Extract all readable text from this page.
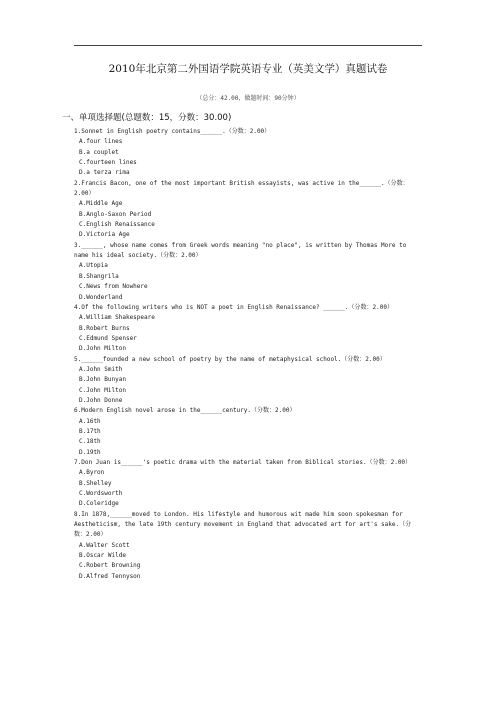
2010年北京第二外国语学院英语专业（英美文学）真题试卷
（总分：42.00，做题时间：90分钟）
一、单项选择题(总题数：15，分数：30.00)
1.Sonnet in English poetry contains______.（分数：2.00）
A.four lines
B.a couplet
C.fourteen lines
D.a terza rima
2.Francis Bacon, one of the most important British essayists, was active in the______.（分数：
2.00）
A.Middle Age
B.Anglo-Saxon Period
C.English Renaissance
D.Victoria Age
3.______, whose name comes from Greek words meaning "no place", is written by Thomas More to
name his ideal society.（分数：2.00）
A.Utopia
B.Shangrila
C.News from Nowhere
D.Wonderland
4.Of the following writers who is NOT a poet in English Renaissance? ______.（分数：2.00）
A.William Shakespeare
B.Robert Burns
C.Edmund Spenser
D.John Milton
5.______founded a new school of poetry by the name of metaphysical school.（分数：2.00）
A.John Smith
B.John Bunyan
C.John Milton
D.John Donne
6.Modern English novel arose in the______century.（分数：2.00）
A.16th
B.17th
C.18th
D.19th
7.Don Juan is______'s poetic drama with the material taken from Biblical stories.（分数：2.00）
A.Byron
B.Shelley
C.Wordsworth
D.Coleridge
8.In 1878,______moved to London. His lifestyle and humorous wit made him soon spokesman for
Aestheticism, the late 19th century movement in England that advocated art for art's sake.（分
数：2.00）
A.Walter Scott
B.Oscar Wilde
C.Robert Browning
D.Alfred Tennyson
